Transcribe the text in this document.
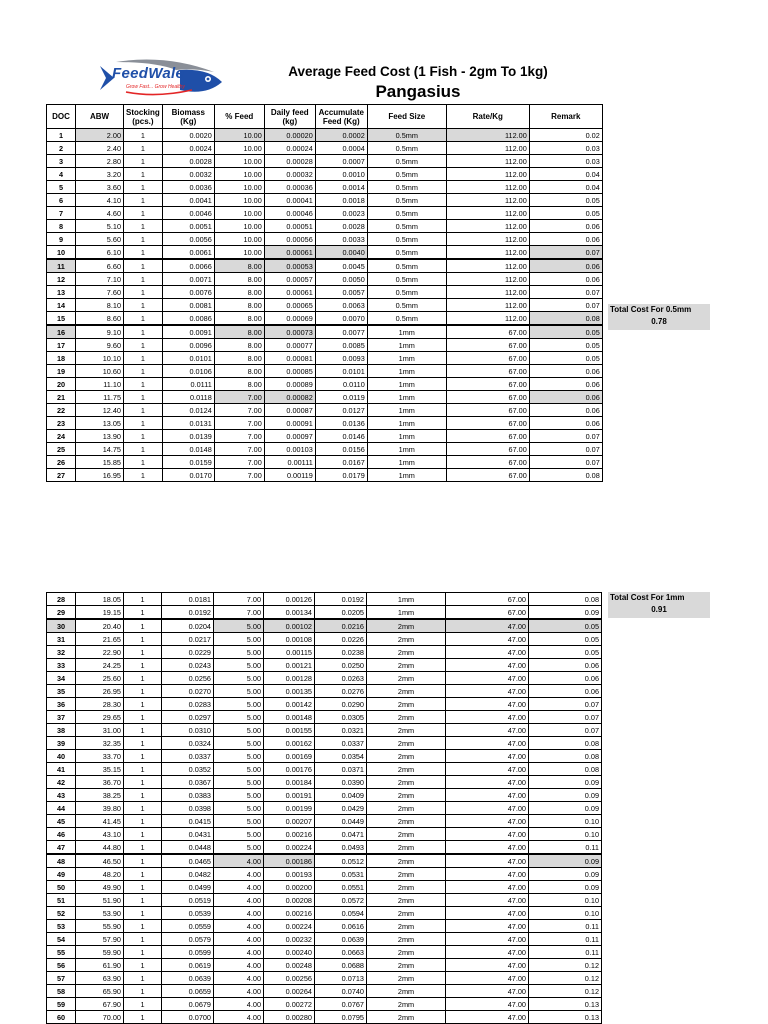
FeedWale
Grow Fast... Grow Healthy
Average Feed Cost (1 Fish - 2gm To 1kg)
Pangasius
DOC	ABW	Stocking (pcs.)	Biomass (Kg)	% Feed	Daily feed (kg)	Accumulate Feed (Kg)	Feed Size	Rate/Kg	Remark
1	2.00	1	0.0020	10.00	0.00020	0.0002	0.5mm	112.00	0.02
2	2.40	1	0.0024	10.00	0.00024	0.0004	0.5mm	112.00	0.03
3	2.80	1	0.0028	10.00	0.00028	0.0007	0.5mm	112.00	0.03
4	3.20	1	0.0032	10.00	0.00032	0.0010	0.5mm	112.00	0.04
5	3.60	1	0.0036	10.00	0.00036	0.0014	0.5mm	112.00	0.04
6	4.10	1	0.0041	10.00	0.00041	0.0018	0.5mm	112.00	0.05
7	4.60	1	0.0046	10.00	0.00046	0.0023	0.5mm	112.00	0.05
8	5.10	1	0.0051	10.00	0.00051	0.0028	0.5mm	112.00	0.06
9	5.60	1	0.0056	10.00	0.00056	0.0033	0.5mm	112.00	0.06
10	6.10	1	0.0061	10.00	0.00061	0.0040	0.5mm	112.00	0.07
11	6.60	1	0.0066	8.00	0.00053	0.0045	0.5mm	112.00	0.06
12	7.10	1	0.0071	8.00	0.00057	0.0050	0.5mm	112.00	0.06
13	7.60	1	0.0076	8.00	0.00061	0.0057	0.5mm	112.00	0.07
14	8.10	1	0.0081	8.00	0.00065	0.0063	0.5mm	112.00	0.07
15	8.60	1	0.0086	8.00	0.00069	0.0070	0.5mm	112.00	0.08
16	9.10	1	0.0091	8.00	0.00073	0.0077	1mm	67.00	0.05
17	9.60	1	0.0096	8.00	0.00077	0.0085	1mm	67.00	0.05
18	10.10	1	0.0101	8.00	0.00081	0.0093	1mm	67.00	0.05
19	10.60	1	0.0106	8.00	0.00085	0.0101	1mm	67.00	0.06
20	11.10	1	0.0111	8.00	0.00089	0.0110	1mm	67.00	0.06
21	11.75	1	0.0118	7.00	0.00082	0.0119	1mm	67.00	0.06
22	12.40	1	0.0124	7.00	0.00087	0.0127	1mm	67.00	0.06
23	13.05	1	0.0131	7.00	0.00091	0.0136	1mm	67.00	0.06
24	13.90	1	0.0139	7.00	0.00097	0.0146	1mm	67.00	0.07
25	14.75	1	0.0148	7.00	0.00103	0.0156	1mm	67.00	0.07
26	15.85	1	0.0159	7.00	0.00111	0.0167	1mm	67.00	0.07
27	16.95	1	0.0170	7.00	0.00119	0.0179	1mm	67.00	0.08
Total Cost For 0.5mm
0.78
28	18.05	1	0.0181	7.00	0.00126	0.0192	1mm	67.00	0.08
29	19.15	1	0.0192	7.00	0.00134	0.0205	1mm	67.00	0.09
30	20.40	1	0.0204	5.00	0.00102	0.0216	2mm	47.00	0.05
31	21.65	1	0.0217	5.00	0.00108	0.0226	2mm	47.00	0.05
32	22.90	1	0.0229	5.00	0.00115	0.0238	2mm	47.00	0.05
33	24.25	1	0.0243	5.00	0.00121	0.0250	2mm	47.00	0.06
34	25.60	1	0.0256	5.00	0.00128	0.0263	2mm	47.00	0.06
35	26.95	1	0.0270	5.00	0.00135	0.0276	2mm	47.00	0.06
36	28.30	1	0.0283	5.00	0.00142	0.0290	2mm	47.00	0.07
37	29.65	1	0.0297	5.00	0.00148	0.0305	2mm	47.00	0.07
38	31.00	1	0.0310	5.00	0.00155	0.0321	2mm	47.00	0.07
39	32.35	1	0.0324	5.00	0.00162	0.0337	2mm	47.00	0.08
40	33.70	1	0.0337	5.00	0.00169	0.0354	2mm	47.00	0.08
41	35.15	1	0.0352	5.00	0.00176	0.0371	2mm	47.00	0.08
42	36.70	1	0.0367	5.00	0.00184	0.0390	2mm	47.00	0.09
43	38.25	1	0.0383	5.00	0.00191	0.0409	2mm	47.00	0.09
44	39.80	1	0.0398	5.00	0.00199	0.0429	2mm	47.00	0.09
45	41.45	1	0.0415	5.00	0.00207	0.0449	2mm	47.00	0.10
46	43.10	1	0.0431	5.00	0.00216	0.0471	2mm	47.00	0.10
47	44.80	1	0.0448	5.00	0.00224	0.0493	2mm	47.00	0.11
48	46.50	1	0.0465	4.00	0.00186	0.0512	2mm	47.00	0.09
49	48.20	1	0.0482	4.00	0.00193	0.0531	2mm	47.00	0.09
50	49.90	1	0.0499	4.00	0.00200	0.0551	2mm	47.00	0.09
51	51.90	1	0.0519	4.00	0.00208	0.0572	2mm	47.00	0.10
52	53.90	1	0.0539	4.00	0.00216	0.0594	2mm	47.00	0.10
53	55.90	1	0.0559	4.00	0.00224	0.0616	2mm	47.00	0.11
54	57.90	1	0.0579	4.00	0.00232	0.0639	2mm	47.00	0.11
55	59.90	1	0.0599	4.00	0.00240	0.0663	2mm	47.00	0.11
56	61.90	1	0.0619	4.00	0.00248	0.0688	2mm	47.00	0.12
57	63.90	1	0.0639	4.00	0.00256	0.0713	2mm	47.00	0.12
58	65.90	1	0.0659	4.00	0.00264	0.0740	2mm	47.00	0.12
59	67.90	1	0.0679	4.00	0.00272	0.0767	2mm	47.00	0.13
60	70.00	1	0.0700	4.00	0.00280	0.0795	2mm	47.00	0.13
Total Cost For 1mm
0.91
